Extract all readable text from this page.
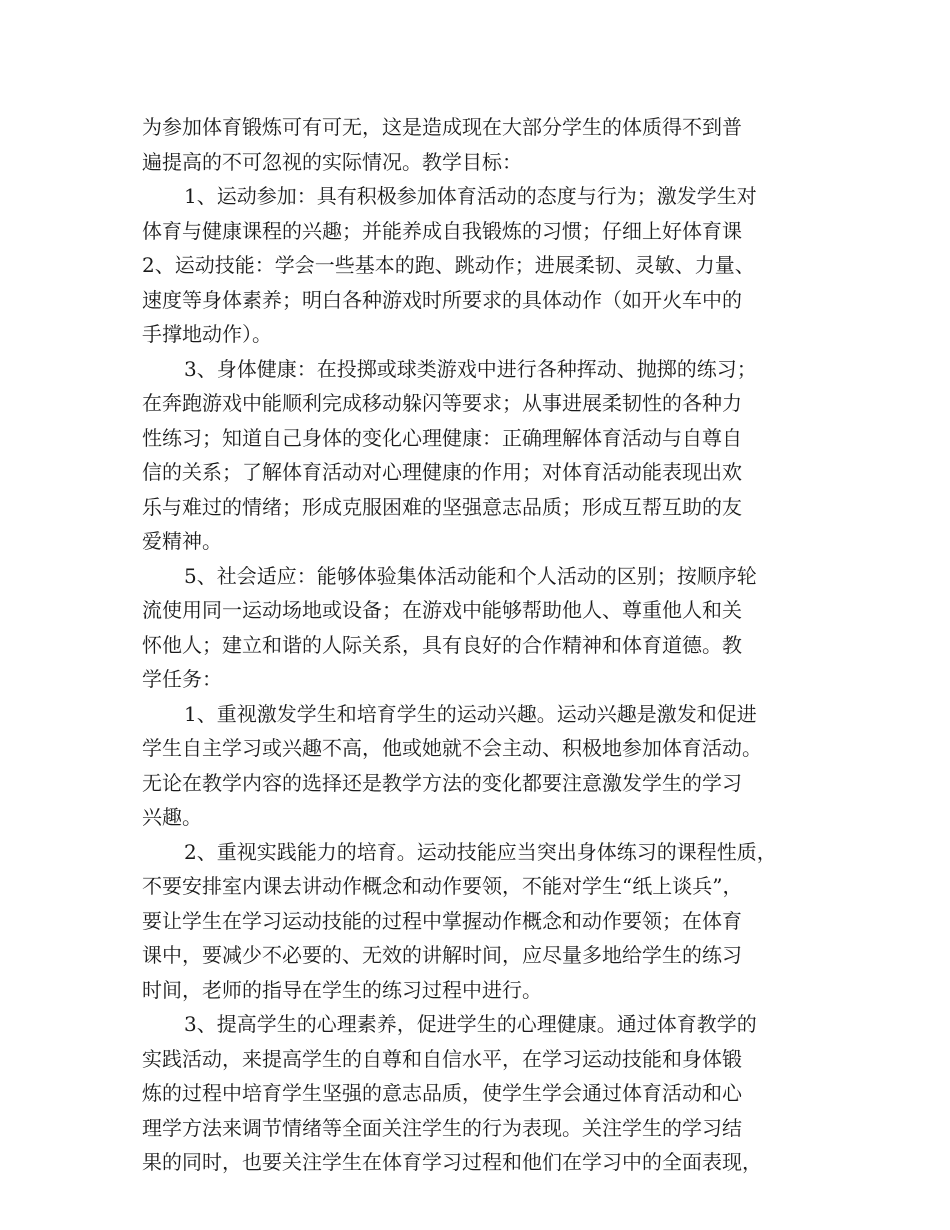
为参加体育锻炼可有可无，这是造成现在大部分学生的体质得不到普
遍提高的不可忽视的实际情况。教学目标：
1、运动参加：具有积极参加体育活动的态度与行为；激发学生对
体育与健康课程的兴趣；并能养成自我锻炼的习惯；仔细上好体育课
2、运动技能：学会一些基本的跑、跳动作；进展柔韧、灵敏、力量、
速度等身体素养；明白各种游戏时所要求的具体动作（如开火车中的
手撑地动作）。
3、身体健康：在投掷或球类游戏中进行各种挥动、抛掷的练习；
在奔跑游戏中能顺利完成移动躲闪等要求；从事进展柔韧性的各种力
性练习；知道自己身体的变化心理健康：正确理解体育活动与自尊自
信的关系；了解体育活动对心理健康的作用；对体育活动能表现出欢
乐与难过的情绪；形成克服困难的坚强意志品质；形成互帮互助的友
爱精神。
5、社会适应：能够体验集体活动能和个人活动的区别；按顺序轮
流使用同一运动场地或设备；在游戏中能够帮助他人、尊重他人和关
怀他人；建立和谐的人际关系，具有良好的合作精神和体育道德。教
学任务：
1、重视激发学生和培育学生的运动兴趣。运动兴趣是激发和促进
学生自主学习或兴趣不高，他或她就不会主动、积极地参加体育活动。
无论在教学内容的选择还是教学方法的变化都要注意激发学生的学习
兴趣。
2、重视实践能力的培育。运动技能应当突出身体练习的课程性质，
不要安排室内课去讲动作概念和动作要领，不能对学生“纸上谈兵”，
要让学生在学习运动技能的过程中掌握动作概念和动作要领；在体育
课中，要减少不必要的、无效的讲解时间，应尽量多地给学生的练习
时间，老师的指导在学生的练习过程中进行。
3、提高学生的心理素养，促进学生的心理健康。通过体育教学的
实践活动，来提高学生的自尊和自信水平，在学习运动技能和身体锻
炼的过程中培育学生坚强的意志品质，使学生学会通过体育活动和心
理学方法来调节情绪等全面关注学生的行为表现。关注学生的学习结
果的同时，也要关注学生在体育学习过程和他们在学习中的全面表现，
